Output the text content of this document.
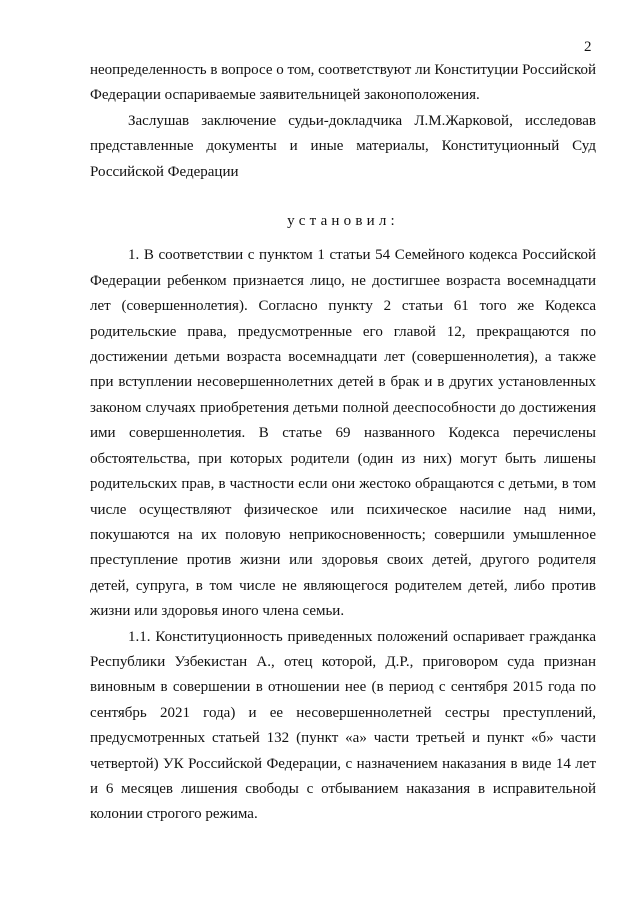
2

неопределенность в вопросе о том, соответствуют ли Конституции Российской Федерации оспариваемые заявительницей законоположения.

Заслушав заключение судьи-докладчика Л.М.Жарковой, исследовав представленные документы и иные материалы, Конституционный Суд Российской Федерации

установил:

1. В соответствии с пунктом 1 статьи 54 Семейного кодекса Российской Федерации ребенком признается лицо, не достигшее возраста восемнадцати лет (совершеннолетия). Согласно пункту 2 статьи 61 того же Кодекса родительские права, предусмотренные его главой 12, прекращаются по достижении детьми возраста восемнадцати лет (совершеннолетия), а также при вступлении несовершеннолетних детей в брак и в других установленных законом случаях приобретения детьми полной дееспособности до достижения ими совершеннолетия. В статье 69 названного Кодекса перечислены обстоятельства, при которых родители (один из них) могут быть лишены родительских прав, в частности если они жестоко обращаются с детьми, в том числе осуществляют физическое или психическое насилие над ними, покушаются на их половую неприкосновенность; совершили умышленное преступление против жизни или здоровья своих детей, другого родителя детей, супруга, в том числе не являющегося родителем детей, либо против жизни или здоровья иного члена семьи.

1.1. Конституционность приведенных положений оспаривает гражданка Республики Узбекистан А., отец которой, Д.Р., приговором суда признан виновным в совершении в отношении нее (в период с сентября 2015 года по сентябрь 2021 года) и ее несовершеннолетней сестры преступлений, предусмотренных статьей 132 (пункт «а» части третьей и пункт «б» части четвертой) УК Российской Федерации, с назначением наказания в виде 14 лет и 6 месяцев лишения свободы с отбыванием наказания в исправительной колонии строгого режима.
